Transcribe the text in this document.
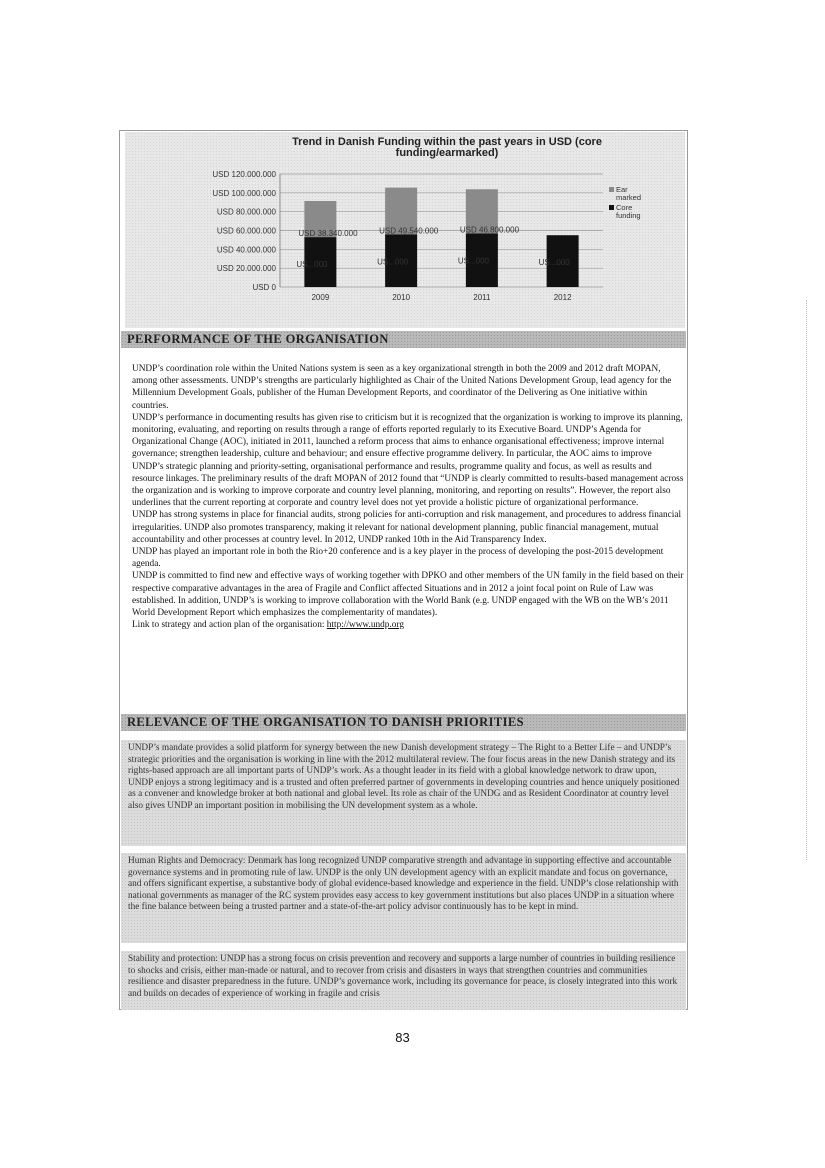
Trend in Danish Funding within the past years in USD (core
funding/earmarked)
USD 0
USD 20.000.000
USD 40.000.000
USD 60.000.000
USD 80.000.000
USD 100.000.000
USD 120.000.000
US...000
USD 38.340.000
2009
US...000
USD 49.540.000
2010
US...000
USD 46.800.000
2011
US...000
2012
Ear
marked
Core
funding
PERFORMANCE OF THE ORGANISATION

UNDP’s coordination role within the United Nations system is seen as a key organizational strength in both the 2009 and 2012 draft MOPAN, among other assessments. UNDP’s strengths are particularly highlighted as Chair of the United Nations Development Group, lead agency for the Millennium Development Goals, publisher of the Human Development Reports, and coordinator of the Delivering as One initiative within countries.

UNDP’s performance in documenting results has given rise to criticism but it is recognized that the organization is working to improve its planning, monitoring, evaluating, and reporting on results through a range of efforts reported regularly to its Executive Board. UNDP’s Agenda for Organizational Change (AOC), initiated in 2011, launched a reform process that aims to enhance organisational effectiveness; improve internal governance; strengthen leadership, culture and behaviour; and ensure effective programme delivery. In particular, the AOC aims to improve UNDP’s strategic planning and priority-setting, organisational performance and results, programme quality and focus, as well as results and resource linkages. The preliminary results of the draft MOPAN of 2012 found that “UNDP is clearly committed to results-based management across the organization and is working to improve corporate and country level planning, monitoring, and reporting on results”. However, the report also underlines that the current reporting at corporate and country level does not yet provide a holistic picture of organizational performance.

UNDP has strong systems in place for financial audits, strong policies for anti-corruption and risk management, and procedures to address financial irregularities. UNDP also promotes transparency, making it relevant for national development planning, public financial management, mutual accountability and other processes at country level. In 2012, UNDP ranked 10th in the Aid Transparency Index.

UNDP has played an important role in both the Rio+20 conference and is a key player in the process of developing the post-2015 development agenda.

UNDP is committed to find new and effective ways of working together with DPKO and other members of the UN family in the field based on their respective comparative advantages in the area of Fragile and Conflict affected Situations and in 2012 a joint focal point on Rule of Law was established. In addition, UNDP’s is working to improve collaboration with the World Bank (e.g. UNDP engaged with the WB on the WB’s 2011 World Development Report which emphasizes the complementarity of mandates).

Link to strategy and action plan of the organisation: http://www.undp.org

RELEVANCE OF THE ORGANISATION TO DANISH PRIORITIES

UNDP’s mandate provides a solid platform for synergy between the new Danish development strategy – The Right to a Better Life – and UNDP’s strategic priorities and the organisation is working in line with the 2012 multilateral review. The four focus areas in the new Danish strategy and its rights-based approach are all important parts of UNDP’s work. As a thought leader in its field with a global knowledge network to draw upon, UNDP enjoys a strong legitimacy and is a trusted and often preferred partner of governments in developing countries and hence uniquely positioned as a convener and knowledge broker at both national and global level. Its role as chair of the UNDG and as Resident Coordinator at country level also gives UNDP an important position in mobilising the UN development system as a whole.

Human Rights and Democracy: Denmark has long recognized UNDP comparative strength and advantage in supporting effective and accountable governance systems and in promoting rule of law. UNDP is the only UN development agency with an explicit mandate and focus on governance, and offers significant expertise, a substantive body of global evidence-based knowledge and experience in the field. UNDP’s close relationship with national governments as manager of the RC system provides easy access to key government institutions but also places UNDP in a situation where the fine balance between being a trusted partner and a state-of-the-art policy advisor continuously has to be kept in mind.

Stability and protection: UNDP has a strong focus on crisis prevention and recovery and supports a large number of countries in building resilience to shocks and crisis, either man-made or natural, and to recover from crisis and disasters in ways that strengthen countries and communities resilience and disaster preparedness in the future. UNDP’s governance work, including its governance for peace, is closely integrated into this work and builds on decades of experience of working in fragile and crisis

83
